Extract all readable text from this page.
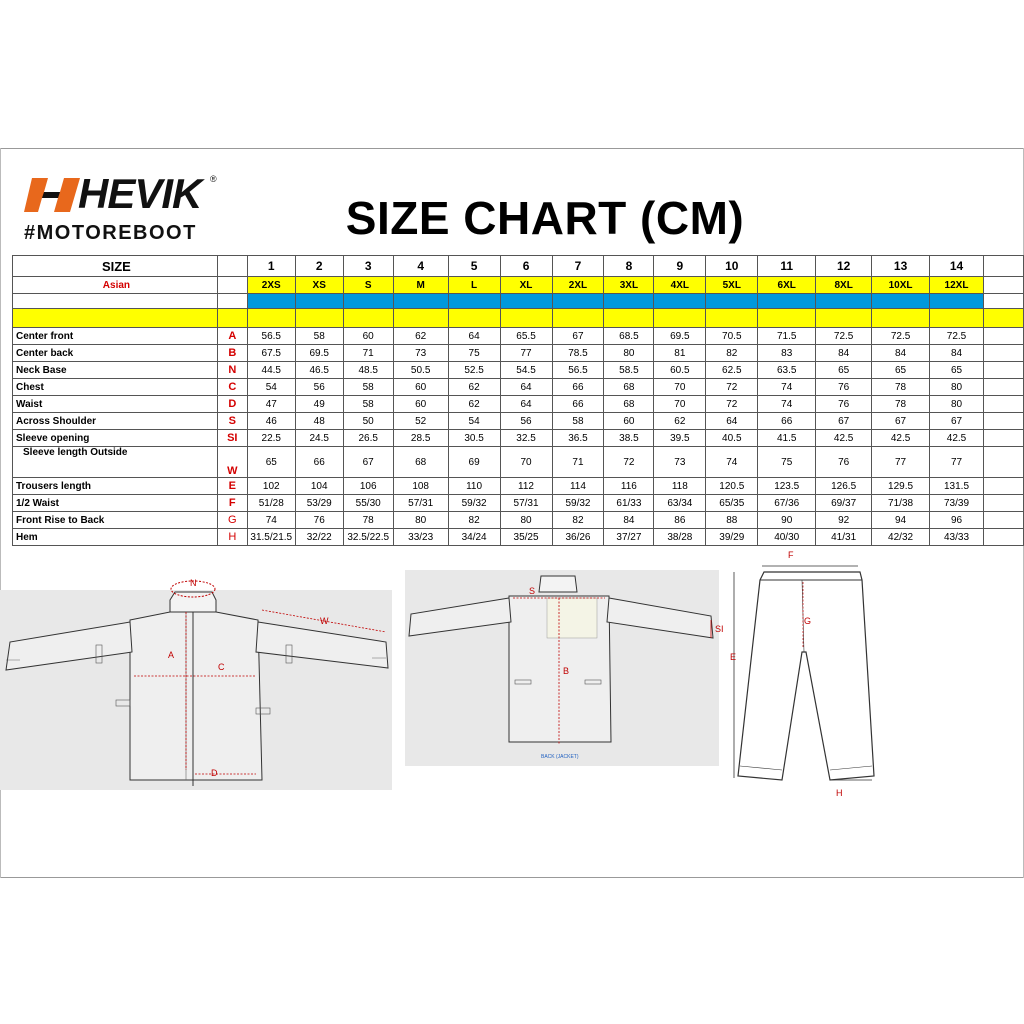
HEVIK ®
#MOTOREBOOT	SIZE CHART (CM)
SIZE		1	2	3	4	5	6	7	8	9	10	11	12	13	14	
Asian		2XS	XS	S	M	L	XL	2XL	3XL	4XL	5XL	6XL	8XL	10XL	12XL	

Center front	A	56.5	58	60	62	64	65.5	67	68.5	69.5	70.5	71.5	72.5	72.5	72.5	
Center back	B	67.5	69.5	71	73	75	77	78.5	80	81	82	83	84	84	84	
Neck Base	N	44.5	46.5	48.5	50.5	52.5	54.5	56.5	58.5	60.5	62.5	63.5	65	65	65	
Chest	C	54	56	58	60	62	64	66	68	70	72	74	76	78	80	
Waist	D	47	49	58	60	62	64	66	68	70	72	74	76	78	80	
Across Shoulder	S	46	48	50	52	54	56	58	60	62	64	66	67	67	67	
Sleeve opening	SI	22.5	24.5	26.5	28.5	30.5	32.5	36.5	38.5	39.5	40.5	41.5	42.5	42.5	42.5	
Sleeve length Outside	W	65	66	67	68	69	70	71	72	73	74	75	76	77	77	
Trousers length	E	102	104	106	108	110	112	114	116	118	120.5	123.5	126.5	129.5	131.5	
1/2 Waist	F	51/28	53/29	55/30	57/31	59/32	57/31	59/32	61/33	63/34	65/35	67/36	69/37	71/38	73/39	
Front Rise to Back	G	74	76	78	80	82	80	82	84	86	88	90	92	94	96	
Hem	H	31.5/21.5	32/22	32.5/22.5	33/23	34/24	35/25	36/26	37/27	38/28	39/29	40/30	41/31	42/32	43/33	
N
W
A
C
D
S
SI
B
BACK (JACKET)
F
G
E
H
